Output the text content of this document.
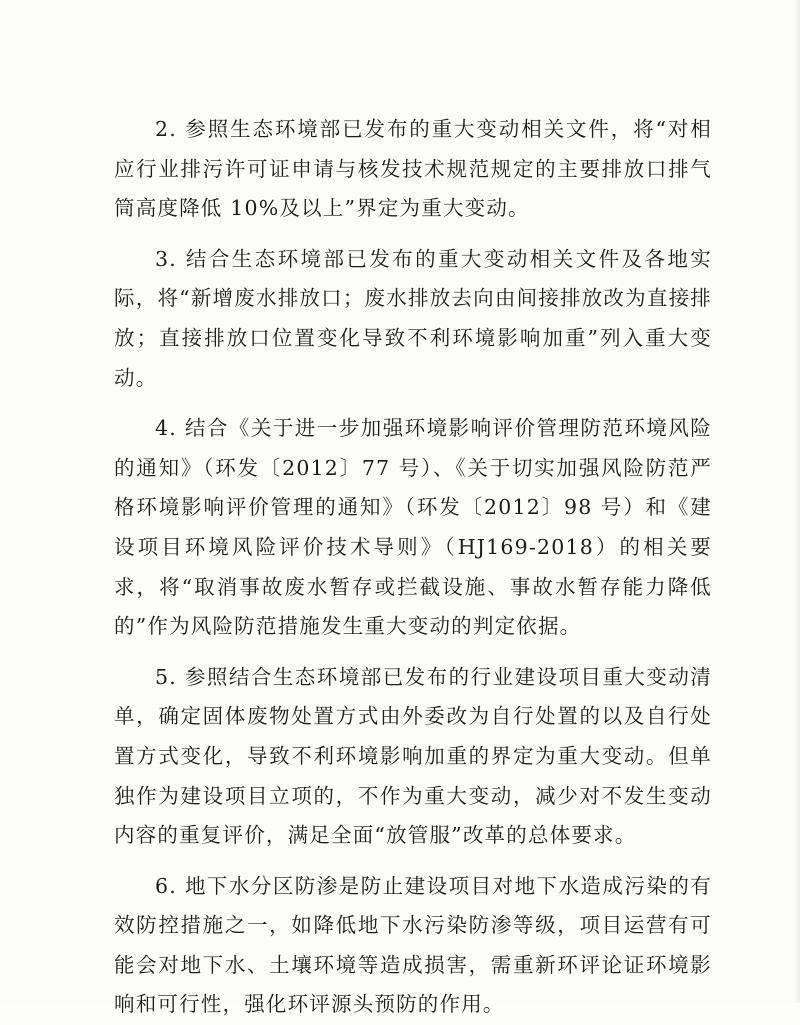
2. 参照生态环境部已发布的重大变动相关文件，将“对相应行业排污许可证申请与核发技术规范规定的主要排放口排气筒高度降低 10%及以上”界定为重大变动。

3. 结合生态环境部已发布的重大变动相关文件及各地实际，将“新增废水排放口；废水排放去向由间接排放改为直接排放；直接排放口位置变化导致不利环境影响加重”列入重大变动。

4. 结合《关于进一步加强环境影响评价管理防范环境风险的通知》（环发〔2012〕77 号）、《关于切实加强风险防范严格环境影响评价管理的通知》（环发〔2012〕98 号）和《建设项目环境风险评价技术导则》（HJ169-2018）的相关要求，将“取消事故废水暂存或拦截设施、事故水暂存能力降低的”作为风险防范措施发生重大变动的判定依据。

5. 参照结合生态环境部已发布的行业建设项目重大变动清单，确定固体废物处置方式由外委改为自行处置的以及自行处置方式变化，导致不利环境影响加重的界定为重大变动。但单独作为建设项目立项的，不作为重大变动，减少对不发生变动内容的重复评价，满足全面“放管服”改革的总体要求。

6. 地下水分区防渗是防止建设项目对地下水造成污染的有效防控措施之一，如降低地下水污染防渗等级，项目运营有可能会对地下水、土壤环境等造成损害，需重新环评论证环境影响和可行性，强化环评源头预防的作用。
